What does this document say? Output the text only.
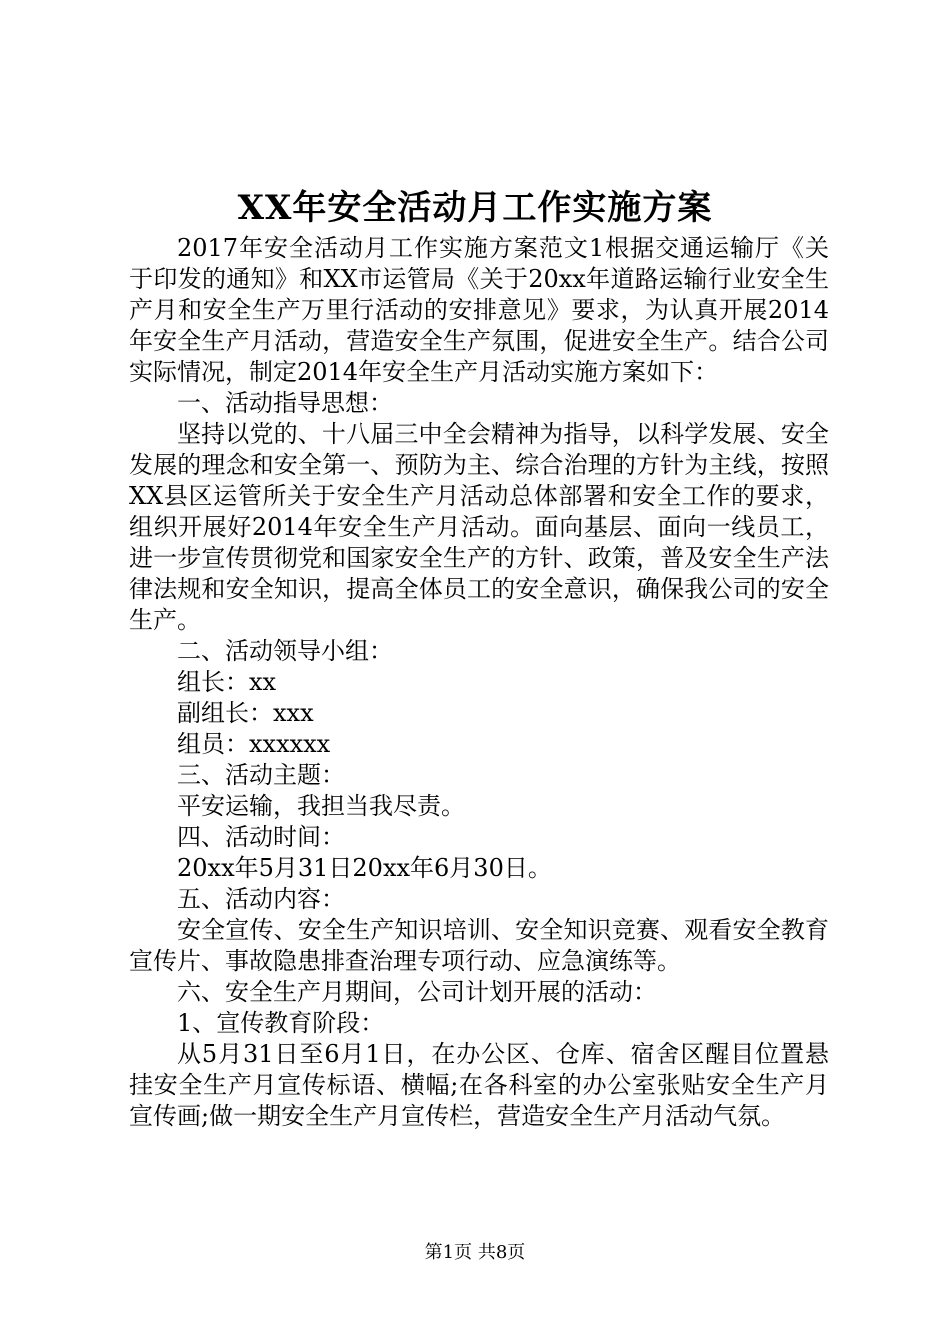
XX年安全活动月工作实施方案

2017年安全活动月工作实施方案范文1根据交通运输厅《关于印发的通知》和XX市运管局《关于20xx年道路运输行业安全生产月和安全生产万里行活动的安排意见》要求，为认真开展2014年安全生产月活动，营造安全生产氛围，促进安全生产。结合公司实际情况，制定2014年安全生产月活动实施方案如下：

一、活动指导思想：

坚持以党的、十八届三中全会精神为指导，以科学发展、安全发展的理念和安全第一、预防为主、综合治理的方针为主线，按照XX县区运管所关于安全生产月活动总体部署和安全工作的要求，组织开展好2014年安全生产月活动。面向基层、面向一线员工，进一步宣传贯彻党和国家安全生产的方针、政策，普及安全生产法律法规和安全知识，提高全体员工的安全意识，确保我公司的安全生产。

二、活动领导小组：

组长：xx

副组长：xxx

组员：xxxxxx

三、活动主题：

平安运输，我担当我尽责。

四、活动时间：

20xx年5月31日20xx年6月30日。

五、活动内容：

安全宣传、安全生产知识培训、安全知识竞赛、观看安全教育宣传片、事故隐患排查治理专项行动、应急演练等。

六、安全生产月期间，公司计划开展的活动：

1、宣传教育阶段：

从5月31日至6月1日，在办公区、仓库、宿舍区醒目位置悬挂安全生产月宣传标语、横幅;在各科室的办公室张贴安全生产月宣传画;做一期安全生产月宣传栏，营造安全生产月活动气氛。

第1页 共8页
